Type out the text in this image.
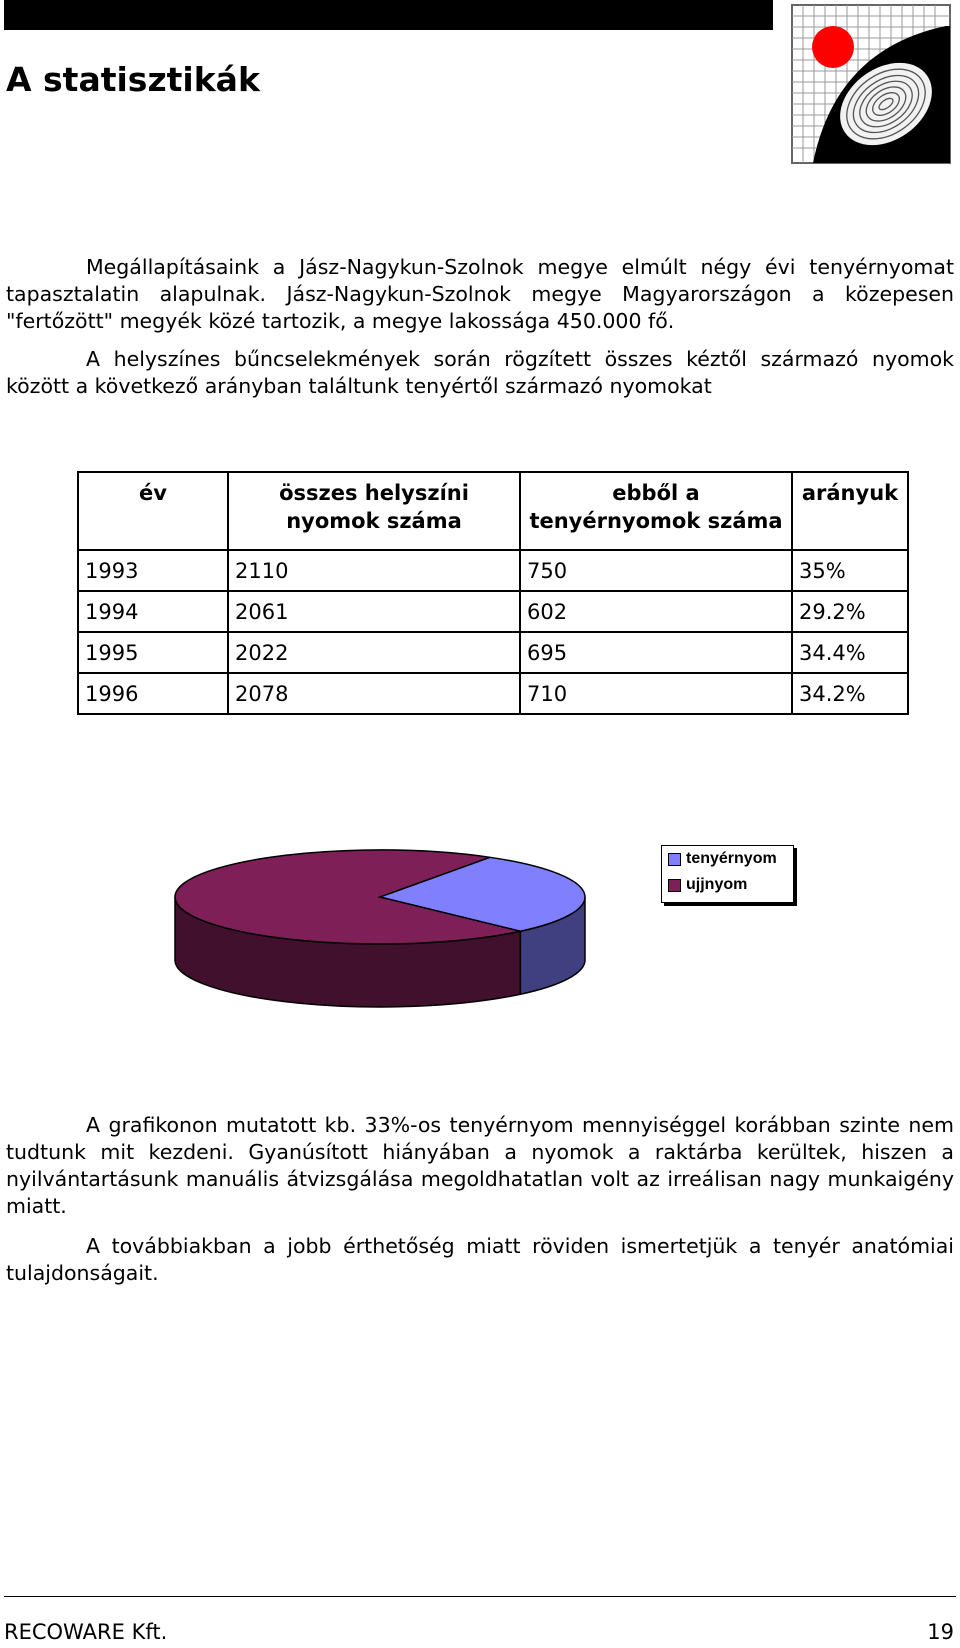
A statisztikák

Megállapításaink a Jász-Nagykun-Szolnok megye elmúlt négy évi tenyérnyomat tapasztalatin alapulnak. Jász-Nagykun-Szolnok megye Magyarországon a közepesen "fertőzött" megyék közé tartozik, a megye lakossága 450.000 fő.

A helyszínes bűncselekmények során rögzített összes kéztől származó nyomok között a következő arányban találtunk tenyértől származó nyomokat

év	összes helyszíni nyomok száma	ebből a tenyérnyomok száma	arányuk
1993	2110	750	35%
1994	2061	602	29.2%
1995	2022	695	34.4%
1996	2078	710	34.2%
tenyérnyom
ujjnyom

A grafikonon mutatott kb. 33%-os tenyérnyom mennyiséggel korábban szinte nem tudtunk mit kezdeni. Gyanúsított hiányában a nyomok a raktárba kerültek, hiszen a nyilvántartásunk manuális átvizsgálása megoldhatatlan volt az irreálisan nagy munkaigény miatt.

A továbbiakban a jobb érthetőség miatt röviden ismertetjük a tenyér anatómiai tulajdonságait.

RECOWARE Kft.	19
